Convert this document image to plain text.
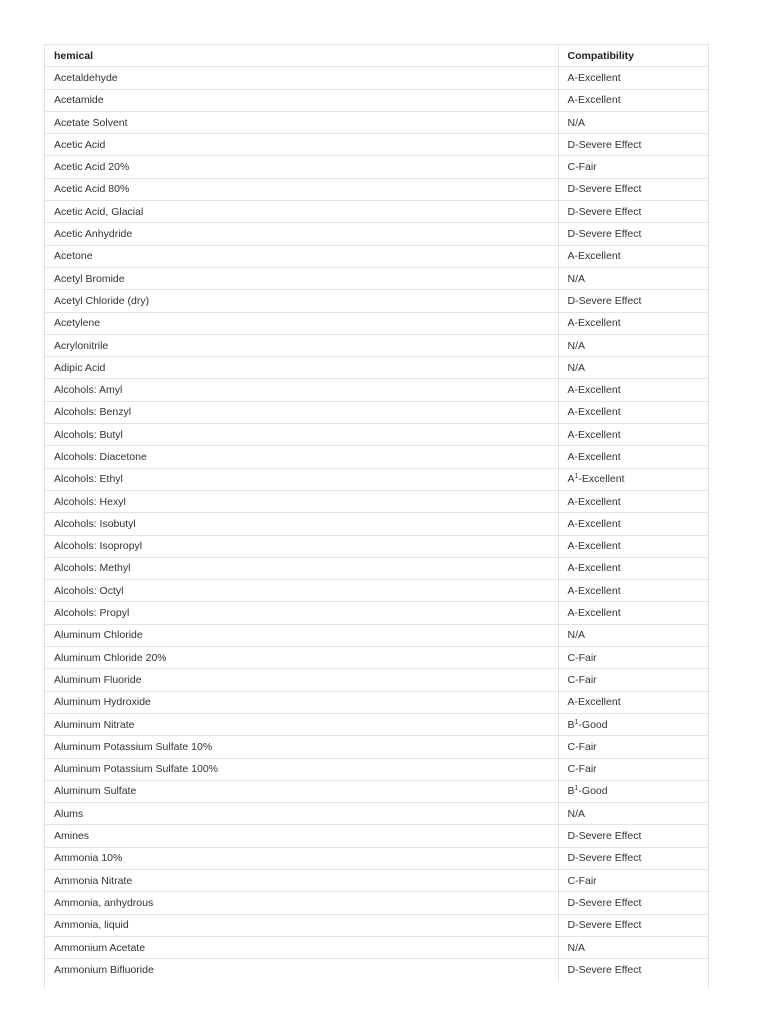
hemical	Compatibility
Acetaldehyde	A-Excellent
Acetamide	A-Excellent
Acetate Solvent	N/A
Acetic Acid	D-Severe Effect
Acetic Acid 20%	C-Fair
Acetic Acid 80%	D-Severe Effect
Acetic Acid, Glacial	D-Severe Effect
Acetic Anhydride	D-Severe Effect
Acetone	A-Excellent
Acetyl Bromide	N/A
Acetyl Chloride (dry)	D-Severe Effect
Acetylene	A-Excellent
Acrylonitrile	N/A
Adipic Acid	N/A
Alcohols: Amyl	A-Excellent
Alcohols: Benzyl	A-Excellent
Alcohols: Butyl	A-Excellent
Alcohols: Diacetone	A-Excellent
Alcohols: Ethyl	$A^1$-Excellent
Alcohols: Hexyl	A-Excellent
Alcohols: Isobutyl	A-Excellent
Alcohols: Isopropyl	A-Excellent
Alcohols: Methyl	A-Excellent
Alcohols: Octyl	A-Excellent
Alcohols: Propyl	A-Excellent
Aluminum Chloride	N/A
Aluminum Chloride 20%	C-Fair
Aluminum Fluoride	C-Fair
Aluminum Hydroxide	A-Excellent
Aluminum Nitrate	$B^1$-Good
Aluminum Potassium Sulfate 10%	C-Fair
Aluminum Potassium Sulfate 100%	C-Fair
Aluminum Sulfate	$B^1$-Good
Alums	N/A
Amines	D-Severe Effect
Ammonia 10%	D-Severe Effect
Ammonia Nitrate	C-Fair
Ammonia, anhydrous	D-Severe Effect
Ammonia, liquid	D-Severe Effect
Ammonium Acetate	N/A
Ammonium Bifluoride	D-Severe Effect
